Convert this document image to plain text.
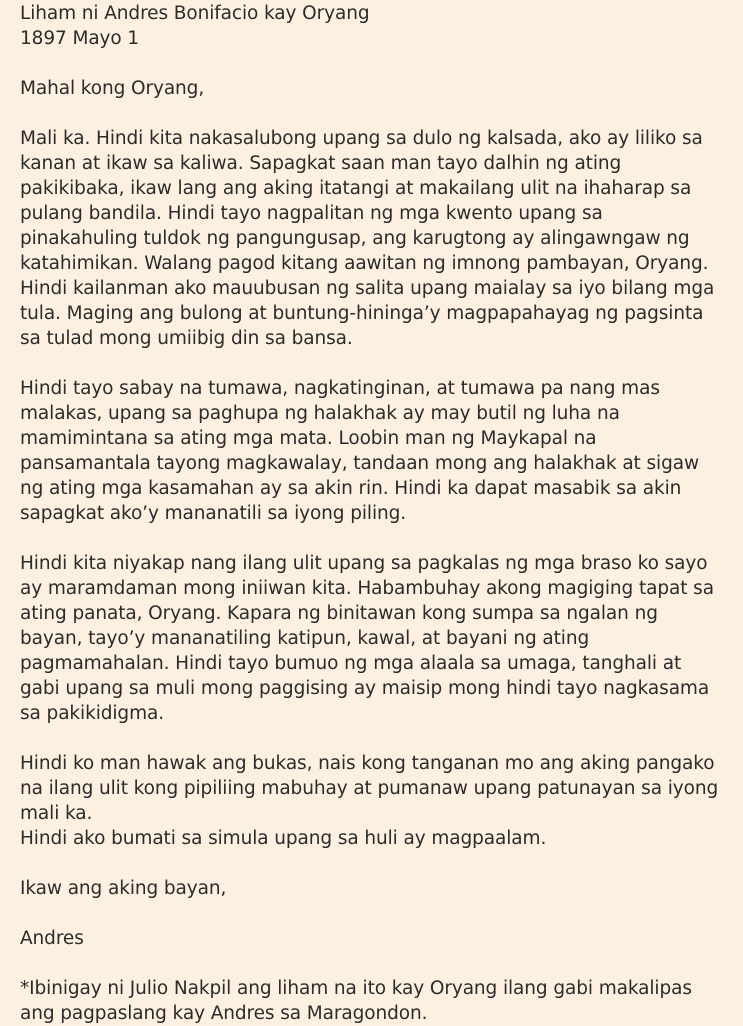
Liham ni Andres Bonifacio kay Oryang
1897 Mayo 1
Mahal kong Oryang,
Mali ka. Hindi kita nakasalubong upang sa dulo ng kalsada, ako ay liliko sa
kanan at ikaw sa kaliwa. Sapagkat saan man tayo dalhin ng ating
pakikibaka, ikaw lang ang aking itatangi at makailang ulit na ihaharap sa
pulang bandila. Hindi tayo nagpalitan ng mga kwento upang sa
pinakahuling tuldok ng pangungusap, ang karugtong ay alingawngaw ng
katahimikan. Walang pagod kitang aawitan ng imnong pambayan, Oryang.
Hindi kailanman ako mauubusan ng salita upang maialay sa iyo bilang mga
tula. Maging ang bulong at buntung-hininga’y magpapahayag ng pagsinta
sa tulad mong umiibig din sa bansa.
Hindi tayo sabay na tumawa, nagkatinginan, at tumawa pa nang mas
malakas, upang sa paghupa ng halakhak ay may butil ng luha na
mamimintana sa ating mga mata. Loobin man ng Maykapal na
pansamantala tayong magkawalay, tandaan mong ang halakhak at sigaw
ng ating mga kasamahan ay sa akin rin. Hindi ka dapat masabik sa akin
sapagkat ako’y mananatili sa iyong piling.
Hindi kita niyakap nang ilang ulit upang sa pagkalas ng mga braso ko sayo
ay maramdaman mong iniiwan kita. Habambuhay akong magiging tapat sa
ating panata, Oryang. Kapara ng binitawan kong sumpa sa ngalan ng
bayan, tayo’y mananatiling katipun, kawal, at bayani ng ating
pagmamahalan. Hindi tayo bumuo ng mga alaala sa umaga, tanghali at
gabi upang sa muli mong paggising ay maisip mong hindi tayo nagkasama
sa pakikidigma.
Hindi ko man hawak ang bukas, nais kong tanganan mo ang aking pangako
na ilang ulit kong pipiliing mabuhay at pumanaw upang patunayan sa iyong
mali ka.
Hindi ako bumati sa simula upang sa huli ay magpaalam.
Ikaw ang aking bayan,
Andres
*Ibinigay ni Julio Nakpil ang liham na ito kay Oryang ilang gabi makalipas
ang pagpaslang kay Andres sa Maragondon.
